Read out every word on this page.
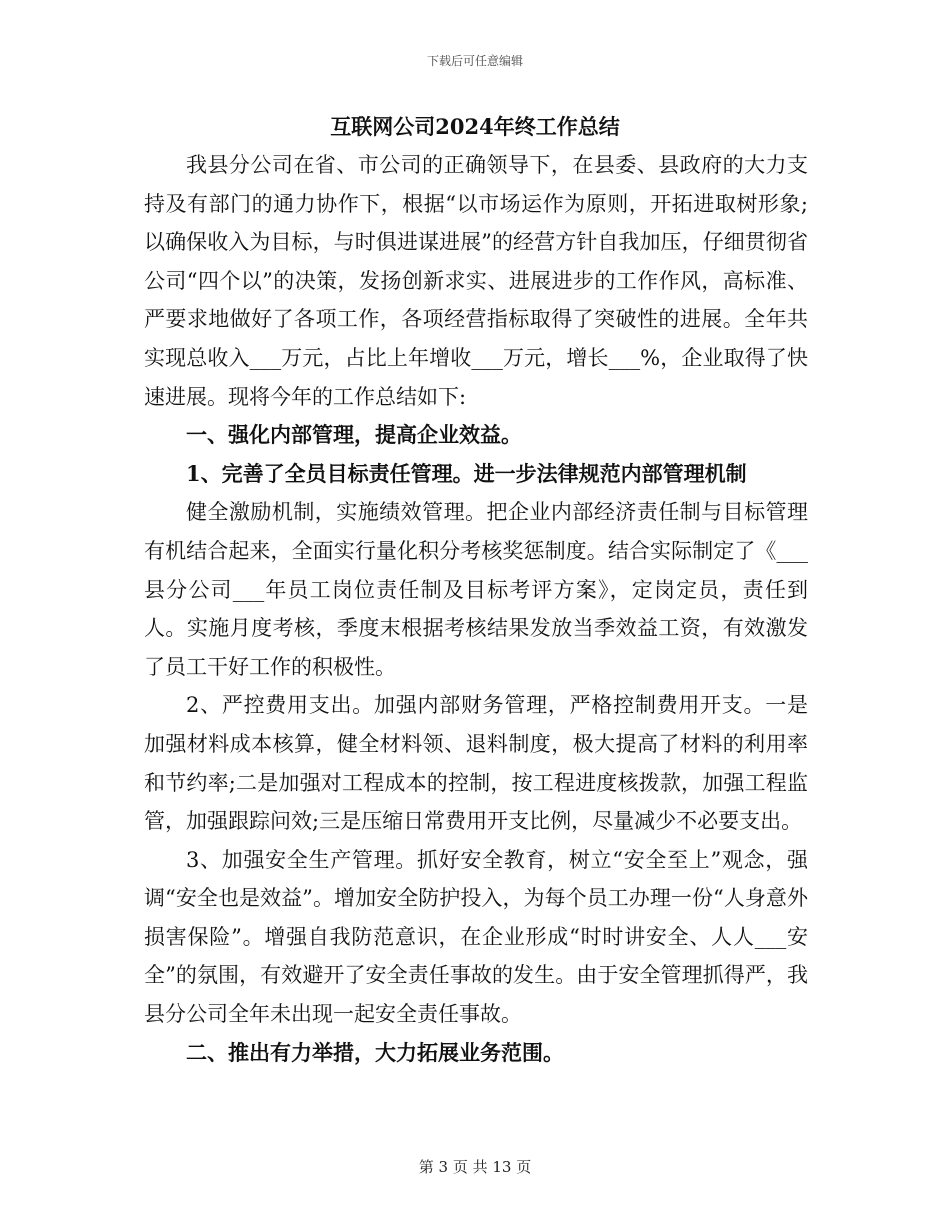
下载后可任意编辑
互联网公司2024年终工作总结

我县分公司在省、市公司的正确领导下，在县委、县政府的大力支持及有部门的通力协作下，根据“以市场运作为原则，开拓进取树形象;以确保收入为目标，与时俱进谋进展”的经营方针自我加压，仔细贯彻省公司“四个以”的决策，发扬创新求实、进展进步的工作作风，高标准、严要求地做好了各项工作，各项经营指标取得了突破性的进展。全年共实现总收入___万元，占比上年增收___万元，增长___%，企业取得了快速进展。现将今年的工作总结如下:

一、强化内部管理，提高企业效益。

1、完善了全员目标责任管理。进一步法律规范内部管理机制

健全激励机制，实施绩效管理。把企业内部经济责任制与目标管理有机结合起来，全面实行量化积分考核奖惩制度。结合实际制定了《___县分公司___年员工岗位责任制及目标考评方案》，定岗定员，责任到人。实施月度考核，季度末根据考核结果发放当季效益工资，有效激发了员工干好工作的积极性。

2、严控费用支出。加强内部财务管理，严格控制费用开支。一是加强材料成本核算，健全材料领、退料制度，极大提高了材料的利用率和节约率;二是加强对工程成本的控制，按工程进度核拨款，加强工程监管，加强跟踪问效;三是压缩日常费用开支比例，尽量减少不必要支出。

3、加强安全生产管理。抓好安全教育，树立“安全至上”观念，强调“安全也是效益”。增加安全防护投入，为每个员工办理一份“人身意外损害保险”。增强自我防范意识，在企业形成“时时讲安全、人人___安全”的氛围，有效避开了安全责任事故的发生。由于安全管理抓得严，我县分公司全年未出现一起安全责任事故。

二、推出有力举措，大力拓展业务范围。

第 3 页 共 13 页
